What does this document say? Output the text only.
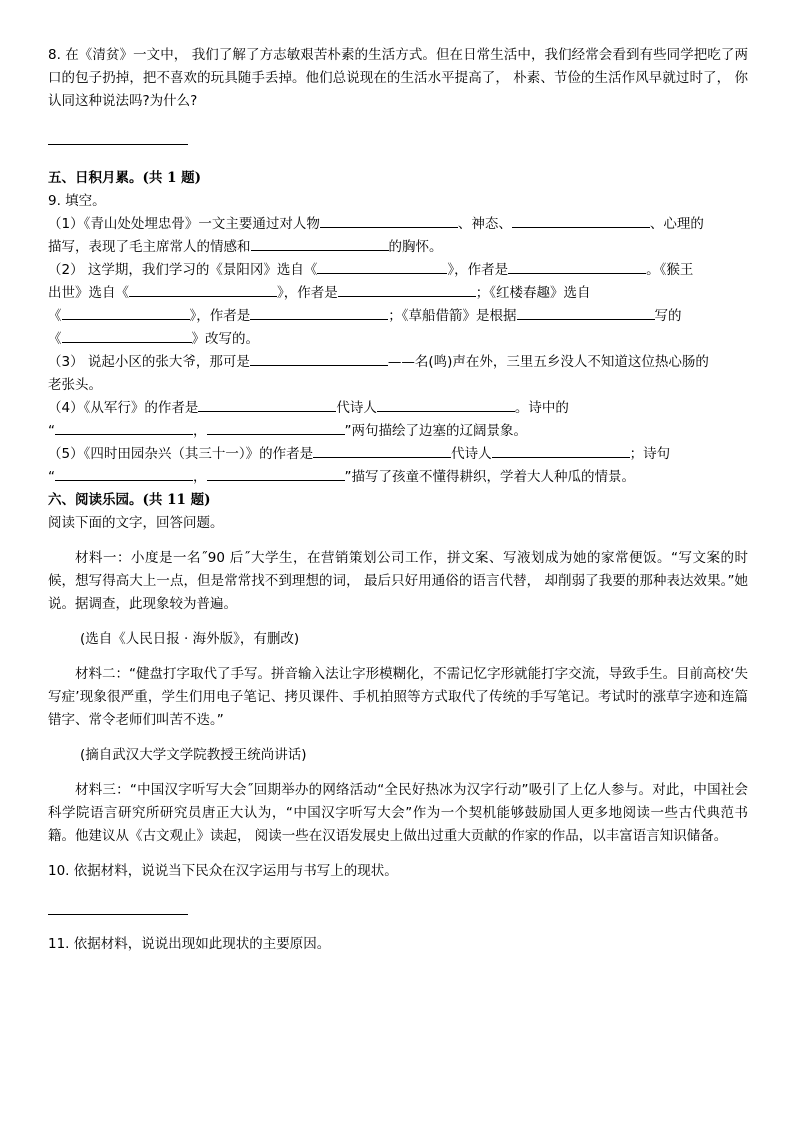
8. 在《清贫》一文中， 我们了解了方志敏艰苦朴素的生活方式。但在日常生活中，我们经常会看到有些同学把吃了两口的包子扔掉，把不喜欢的玩具随手丢掉。他们总说现在的生活水平提高了， 朴素、节俭的生活作风早就过时了， 你认同这种说法吗?为什么?

五、日积月累。(共 1 题)

9. 填空。

（1）《青山处处埋忠骨》一文主要通过对人物	、神态、	、心理的

描写，表现了毛主席常人的情感和	的胸怀。

（2） 这学期，我们学习的《景阳冈》选自《	》，作者是	。《猴王

出世》选自《	》，作者是	；《红楼春趣》选自

《	》，作者是	；《草船借箭》是根据	写的

《	》改写的。

（3） 说起小区的张大爷，那可是	——名(鸣)声在外，三里五乡没人不知道这位热心肠的

老张头。

（4）《从军行》的作者是	代诗人	。诗中的

“	，	”两句描绘了边塞的辽阔景象。

（5）《四时田园杂兴（其三十一）》的作者是	代诗人	；诗句

“	，	”描写了孩童不懂得耕织，学着大人种瓜的情景。

六、阅读乐园。(共 11 题)

阅读下面的文字，回答问题。

材料一：小度是一名˝90 后˝大学生，在营销策划公司工作，拼文案、写液划成为她的家常便饭。“写文案的时候，想写得高大上一点，但是常常找不到理想的词， 最后只好用通俗的语言代替， 却削弱了我要的那种表达效果。”她说。据调查，此现象较为普遍。

(选自《人民日报 · 海外版》，有删改)

材料二：“健盘打字取代了手写。拼音输入法让字形模糊化，不需记忆字形就能打字交流，导致手生。目前高校‘失写症’现象很严重，学生们用电子笔记、拷贝课件、手机拍照等方式取代了传统的手写笔记。考试时的涨草字迹和连篇错字、常令老师们叫苦不迭。”

(摘自武汉大学文学院教授王统尚讲话)

材料三：“中国汉字听写大会˝回期举办的网络活动“全民好热冰为汉字行动”吸引了上亿人参与。对此，中国社会科学院语言研究所研究员唐正大认为，“中国汉字听写大会”作为一个契机能够鼓励国人更多地阅读一些古代典范书籍。他建议从《古文观止》读起， 阅读一些在汉语发展史上做出过重大贡献的作家的作品，以丰富语言知识储备。

10. 依据材料，说说当下民众在汉字运用与书写上的现状。

11. 依据材料，说说出现如此现状的主要原因。
